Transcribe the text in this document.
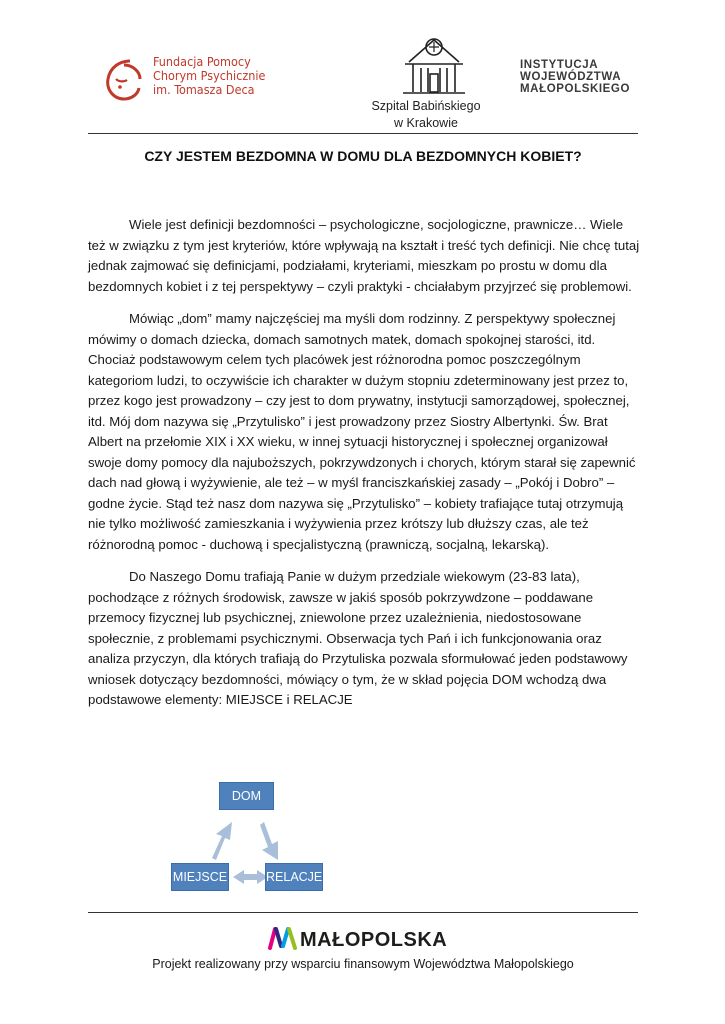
Fundacja Pomocy
Chorym Psychicznie
im. Tomasza Deca
Szpital Babińskiego
w Krakowie
INSTYTUCJA
WOJEWÓDZTWA
MAŁOPOLSKIEGO
CZY JESTEM BEZDOMNA W DOMU DLA BEZDOMNYCH KOBIET?

Wiele jest definicji bezdomności – psychologiczne, socjologiczne, prawnicze… Wiele też w związku z tym jest kryteriów, które wpływają na kształt i treść tych definicji. Nie chcę tutaj jednak zajmować się definicjami, podziałami, kryteriami, mieszkam po prostu w domu dla bezdomnych kobiet i z tej perspektywy – czyli praktyki - chciałabym przyjrzeć się problemowi.

Mówiąc „dom” mamy najczęściej ma myśli dom rodzinny. Z perspektywy społecznej mówimy o domach dziecka, domach samotnych matek, domach spokojnej starości, itd. Chociaż podstawowym celem tych placówek jest różnorodna pomoc poszczególnym kategoriom ludzi, to oczywiście ich charakter w dużym stopniu zdeterminowany jest przez to, przez kogo jest prowadzony – czy jest to dom prywatny, instytucji samorządowej, społecznej, itd. Mój dom nazywa się „Przytulisko” i jest prowadzony przez Siostry Albertynki. Św. Brat Albert na przełomie XIX i XX wieku, w innej sytuacji historycznej i społecznej organizował swoje domy pomocy dla najuboższych, pokrzywdzonych i chorych, którym starał się zapewnić dach nad głową i wyżywienie, ale też – w myśl franciszkańskiej zasady – „Pokój i Dobro” – godne życie. Stąd też nasz dom nazywa się „Przytulisko” – kobiety trafiające tutaj otrzymują nie tylko możliwość zamieszkania i wyżywienia przez krótszy lub dłuższy czas, ale też różnorodną pomoc - duchową i specjalistyczną (prawniczą, socjalną, lekarską).

Do Naszego Domu trafiają Panie w dużym przedziale wiekowym (23-83 lata), pochodzące z różnych środowisk, zawsze w jakiś sposób pokrzywdzone – poddawane przemocy fizycznej lub psychicznej, zniewolone przez uzależnienia, niedostosowane społecznie, z problemami psychicznymi. Obserwacja tych Pań i ich funkcjonowania oraz analiza przyczyn, dla których trafiają do Przytuliska pozwala sformułować jeden podstawowy wniosek dotyczący bezdomności, mówiący o tym, że w skład pojęcia DOM wchodzą dwa podstawowe elementy: MIEJSCE i RELACJE

DOM
MIEJSCE	RELACJE
MAŁOPOLSKA
Projekt realizowany przy wsparciu finansowym Województwa Małopolskiego
